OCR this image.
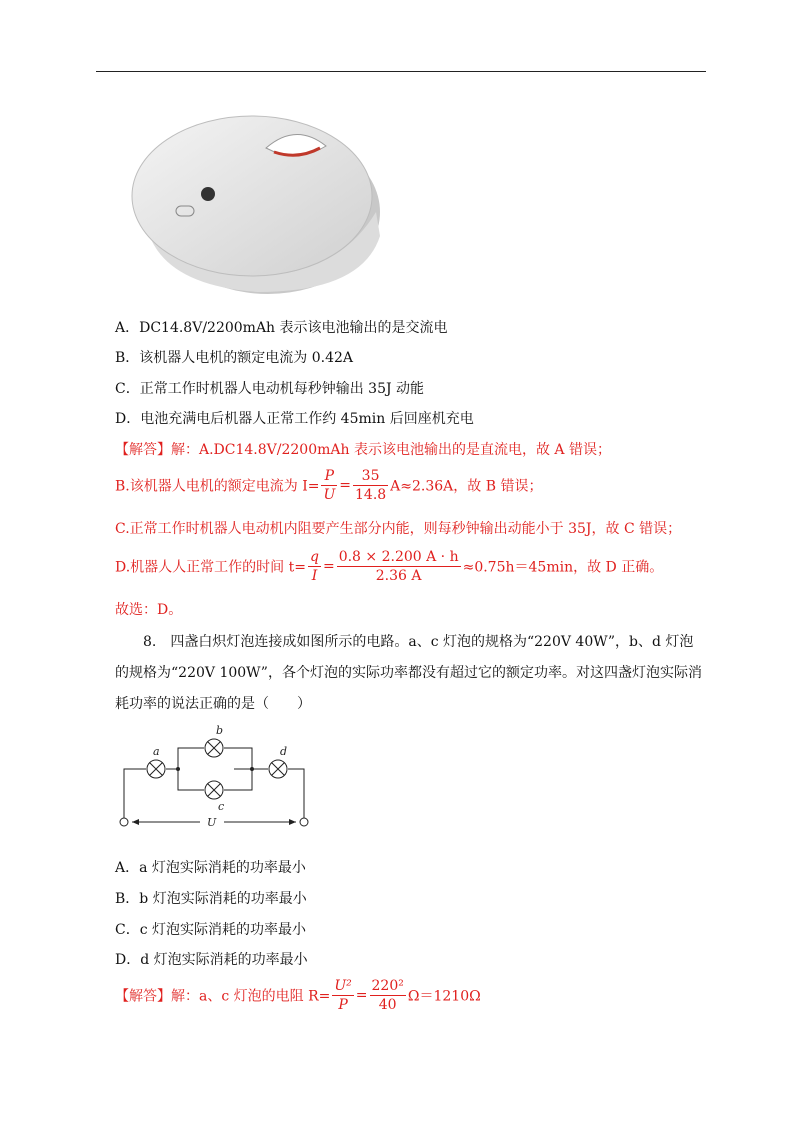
A．DC14.8V/2200mAh 表示该电池输出的是交流电
B．该机器人电机的额定电流为 0.42A
C．正常工作时机器人电动机每秒钟输出 35J 动能
D．电池充满电后机器人正常工作约 45min 后回座机充电
【解答】解：A.DC14.8V/2200mAh 表示该电池输出的是直流电，故 A 错误；
B.该机器人电机的额定电流为 $I= \frac{P}{U} = \frac{35}{14.8} A\approx 2.36A$，故 B 错误；
C.正常工作时机器人电动机内阻要产生部分内能，则每秒钟输出动能小于 35J，故 C 错误；
D.机器人人正常工作的时间 $t= \frac{q}{I} = \frac{0.8 \times 2.200 A \cdot h}{2.36 A} \approx 0.75h=45\min$，故 D 正确。
故选：D。
8.　四盏白炽灯泡连接成如图所示的电路。a、c 灯泡的规格为“220V 40W”，b、d 灯泡的规格为“220V 100W”，各个灯泡的实际功率都没有超过它的额定功率。对这四盏灯泡实际消耗功率的说法正确的是（　　）
a
b
c
d
U
A．a 灯泡实际消耗的功率最小
B．b 灯泡实际消耗的功率最小
C．c 灯泡实际消耗的功率最小
D．d 灯泡实际消耗的功率最小
【解答】解：a、c 灯泡的电阻 $R= \frac{\text{U²}}{P} = \frac{\text{220²}}{40} \Omega=1210\Omega$
